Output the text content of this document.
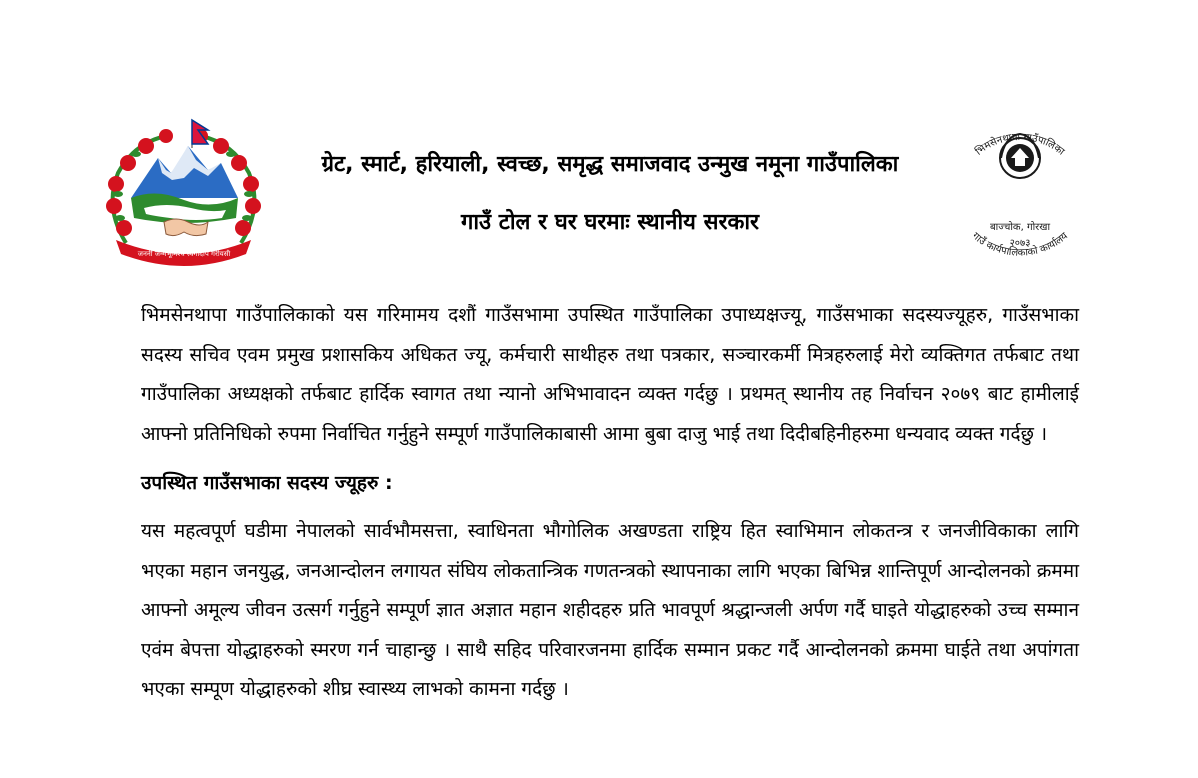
जननी जन्मभूमिश्च स्वर्गादपि गरीयसी
ग्रेट, स्मार्ट, हरियाली, स्वच्छ, समृद्ध समाजवाद उन्मुख नमूना गाउँपालिका
गाउँ टोल र घर घरमाः स्थानीय सरकार
भिमसेनथापा गाउँपालिका
गाउँ कार्यपालिकाको कार्यालय
बाज्चोक, गोरखा
२०७३

भिमसेनथापा गाउँपालिकाको यस गरिमामय दशौं गाउँसभामा उपस्थित गाउँपालिका उपाध्यक्षज्यू, गाउँसभाका सदस्यज्यूहरु, गाउँसभाका सदस्य सचिव एवम प्रमुख प्रशासकिय अधिकत ज्यू, कर्मचारी साथीहरु तथा पत्रकार, सञ्चारकर्मी मित्रहरुलाई मेरो व्यक्तिगत तर्फबाट तथा गाउँपालिका अध्यक्षको तर्फबाट हार्दिक स्वागत तथा न्यानो अभिभावादन व्यक्त गर्दछु । प्रथमत् स्थानीय तह निर्वाचन २०७९ बाट हामीलाई आफ्नो प्रतिनिधिको रुपमा निर्वाचित गर्नुहुने सम्पूर्ण गाउँपालिकाबासी आमा बुबा दाजु भाई तथा दिदीबहिनीहरुमा धन्यवाद व्यक्त गर्दछु ।

उपस्थित गाउँसभाका सदस्य ज्यूहरु :

यस महत्वपूर्ण घडीमा नेपालको सार्वभौमसत्ता, स्वाधिनता भौगोलिक अखण्डता राष्ट्रिय हित स्वाभिमान लोकतन्त्र र जनजीविकाका लागि भएका महान जनयुद्ध, जनआन्दोलन लगायत संघिय लोकतान्त्रिक गणतन्त्रको स्थापनाका लागि भएका बिभिन्न शान्तिपूर्ण आन्दोलनको क्रममा आफ्नो अमूल्य जीवन उत्सर्ग गर्नुहुने सम्पूर्ण ज्ञात अज्ञात महान शहीदहरु प्रति भावपूर्ण श्रद्धान्जली अर्पण गर्दै घाइते योद्धाहरुको उच्च सम्मान एवंम बेपत्ता योद्धाहरुको स्मरण गर्न चाहान्छु । साथै सहिद परिवारजनमा हार्दिक सम्मान प्रकट गर्दै आन्दोलनको क्रममा घाईते तथा अपांगता भएका सम्पूण योद्धाहरुको शीघ्र स्वास्थ्य लाभको कामना गर्दछु ।
